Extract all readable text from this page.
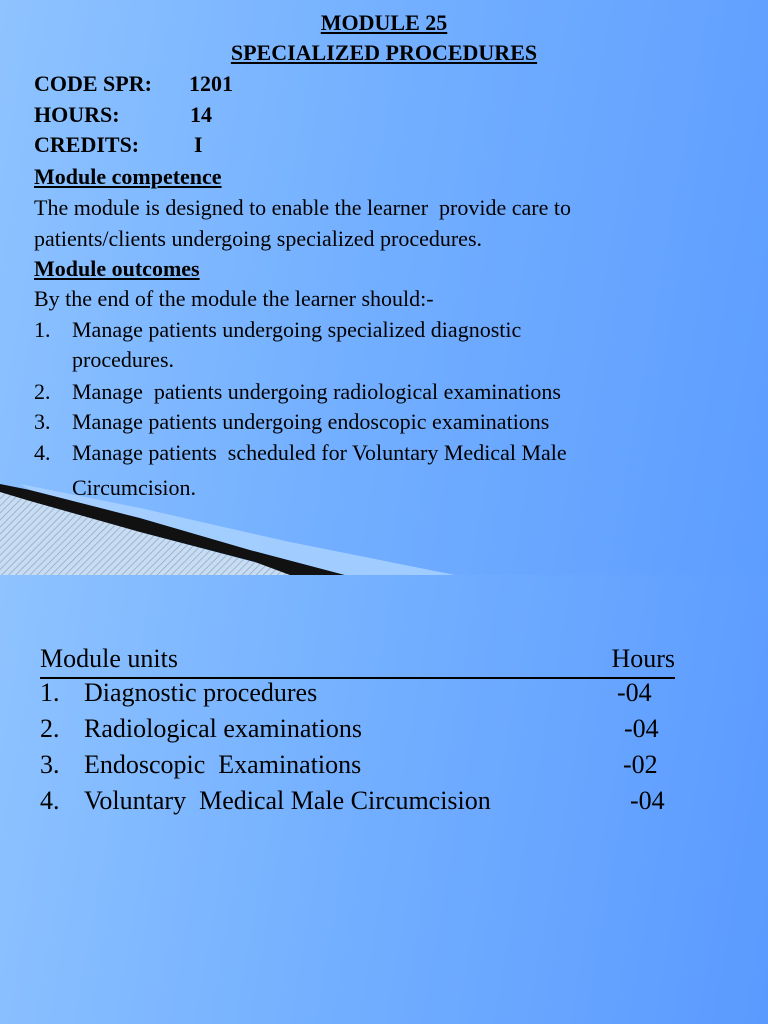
MODULE 25
SPECIALIZED PROCEDURES
CODE SPR: 1201
HOURS:	14
CREDITS: I
Module competence
The module is designed to enable the learner  provide care to
patients/clients undergoing specialized procedures.
Module outcomes
By the end of the module the learner should:-
1. Manage patients undergoing specialized diagnostic
procedures.
2. Manage  patients undergoing radiological examinations
3. Manage patients undergoing endoscopic examinations
4. Manage patients  scheduled for Voluntary Medical Male
Circumcision.
Module units	Hours
1. Diagnostic procedures	-04
2. Radiological examinations	-04
3. Endoscopic  Examinations	-02
4. Voluntary  Medical Male Circumcision	-04
